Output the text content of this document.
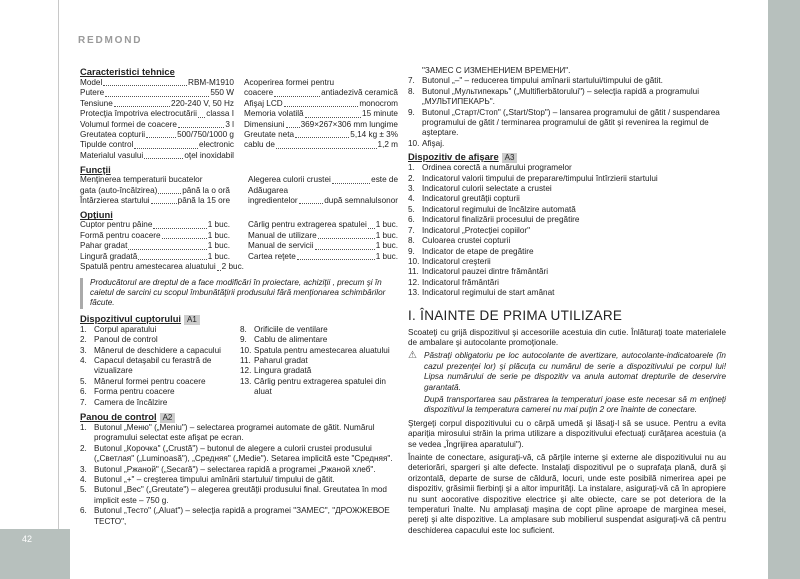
42
REDMOND
Caracteristici tehnice
Model	RBM-M1910
Putere	550 W
Tensiune	220-240 V, 50 Hz
Protecţia împotriva electrocutării classa I
Volumul formei de coacere	3 l
Greutatea copturii	500/750/1000 g
Tipulde control	electronic
Materialul vasului	oţel inoxidabil
Acoperirea formei pentru
coacere	antiadezivă ceramică
Afişaj LCD	monocrom
Memoria volatilă	15 minute
Dimensiuni 369×267×306 mm lungime
Greutate neta	5,14 kg ± 3%
cablu de	1,2 m
Funcţii
Menţinerea temperaturii bucatelor
gata (auto-încălzirea)	până la o oră
Întârzierea startului	până la 15 ore
Alegerea culorii crustei	este de
Adăugarea
ingredientelor	după semnalulsonor
Opţiuni
Cuptor pentru pâine	1 buc.
Formă pentru coacere	1 buc.
Pahar gradat	1 buc.
Lingură gradată	1 buc.
Spatulă pentru amestecarea aluatului 2 buc.
Cârlig pentru extragerea spatulei 1 buc.
Manual de utilizare	1 buc.
Manual de servicii	1 buc.
Cartea reţete	1 buc.
Producătorul are dreptul de a face modificări în proiectare, achiziţii , precum şi în caietul de sarcini cu scopul îmbunătăţirii produsului fără menţionarea schimbărilor făcute.
Dispozitivul cuptorului A1
1. Corpul aparatului
2. Panoul de control
3. Mânerul de deschidere a capacului
4. Capacul detaşabil cu ferastră de vizualizare
5. Mânerul formei pentru coacere
6. Forma pentru coacere
7. Camera de încălzire
8. Orificiile de ventilare
9. Cablu de alimentare
10. Spatula pentru amestecarea aluatului
11. Paharul gradat
12. Lingura gradată
13. Cârlig pentru extragerea spatulei din aluat
Panou de control A2
1. Butonul „Меню" („Meniu") – selectarea programei automate de gătit. Numărul programului selectat este afişat pe ecran.
2. Butonul „Корочка" („Crustă") – butonul de alegere a culorii crustei produsului („Светлая" („Luminoasă"), „Средняя" („Medie"). Setarea implicită este "Средняя".
3. Butonul „Ржаной" („Secară") – selectarea rapidă a programei „Ржаной хлеб".
4. Butonul „+" – creşterea timpului amînării startului/ timpului de gătit.
5. Butonul „Вес" („Greutate") – alegerea greutăţii produsului final. Greutatea în mod implicit este – 750 g.
6. Butonul „Тесто" („Aluat") – selecţia rapidă a programei "ЗАМЕС", "ДРОЖЖЕВОЕ ТЕСТО",
"ЗАМЕС С ИЗМЕНЕНИЕМ ВРЕМЕНИ".
7. Butonul „–" – reducerea timpului amînarii startului/timpului de gătit.
8. Butonul „Мультипекарь" („Multifierbătorului") – selecţia rapidă a programului „МУЛЬТИПЕКАРЬ".
9. Butonul „Старт/Стоп" („Start/Stop") – lansarea programului de gătit / suspendarea programului de gătit / terminarea programului de gătit şi revenirea la regimul de aşteptare.
10. Afişaj.
Dispozitiv de afişare A3
1. Ordinea corectă a numărului programelor
2. Indicatorul valorii timpului de preparare/timpului întîrzierii startului
3. Indicatorul culorii selectate a crustei
4. Indicatorul greutăţii copturii
5. Indicatorul regimului de încălzire automată
6. Indicatorul finalizării procesului de pregătire
7. Indicatorul „Protecţiei copiilor"
8. Culoarea crustei copturii
9. Indicator de etape de pregătire
10. Indicatorul creşterii
11. Indicatorul pauzei dintre frământări
12. Indicatorul frământări
13. Indicatorul regimului de start amânat
I. ÎNAINTE DE PRIMA UTILIZARE

Scoateţi cu grijă dispozitivul şi accesoriile acestuia din cutie. Înlăturaţi toate materialele de ambalare şi autocolante promoţionale.

⚠ Păstraţi obligatoriu pe loc autocolante de avertizare, autocolante-indicatoarele (în cazul prezenţei lor) şi plăcuţa cu numărul de serie a dispozitivului pe corpul lui! Lipsa numărului de serie pe dispozitiv va anula automat drepturile de deservire garantată.
După transportarea sau păstrarea la temperaturi joase este necesar să m enţineţi dispozitivul la temperatura camerei nu mai puţin 2 ore înainte de conectare.

Ştergeţi corpul dispozitivului cu o cârpă umedă şi lăsaţi-l să se usuce. Pentru a evita apariţia mirosului străin la prima utilizare a dispozitivului efectuaţi curăţarea acestuia (a se vedea „Îngrijirea aparatului").

Înainte de conectare, asiguraţi-vă, că părţile interne şi externe ale dispozitivului nu au deteriorări, spargeri şi alte defecte. Instalaţi dispozitivul pe o suprafaţa plană, dură şi orizontală, departe de surse de căldură, locuri, unde este posibilă nimerirea apei pe dispozitiv, grăsimii fierbinţi şi a altor impurităţi. La instalare, asiguraţi-vă că în apropiere nu sunt aocorative dispozitive electrice şi alte obiecte, care se pot deteriora de la temperaturi înalte. Nu amplasaţi maşina de copt pîine aproape de marginea mesei, pereţi şi alte dispozitive. La amplasare sub mobilierul suspendat asiguraţi-vă că pentru deschiderea capacului este loc suficient.
